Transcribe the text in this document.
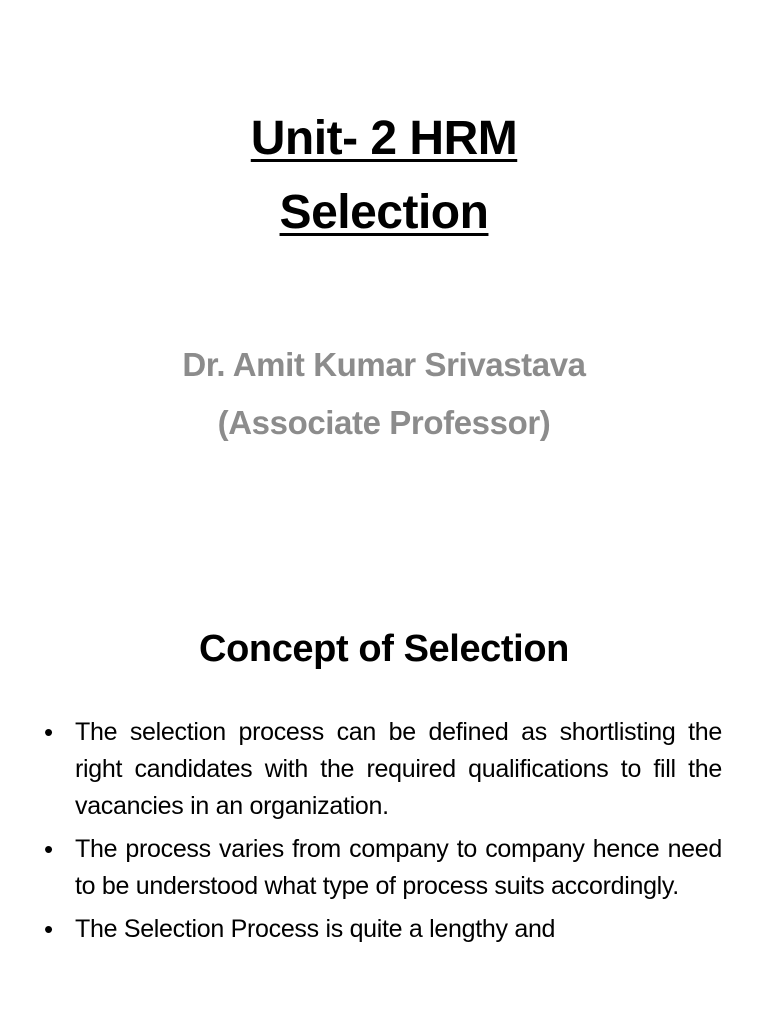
Unit- 2 HRM
Selection
Dr. Amit Kumar Srivastava
(Associate Professor)
Concept of Selection
• The selection process can be defined as shortlisting the right candidates with the required qualifications to fill the vacancies in an organization.
• The process varies from company to company hence need to be understood what type of process suits accordingly.
• The Selection Process is quite a lengthy and
